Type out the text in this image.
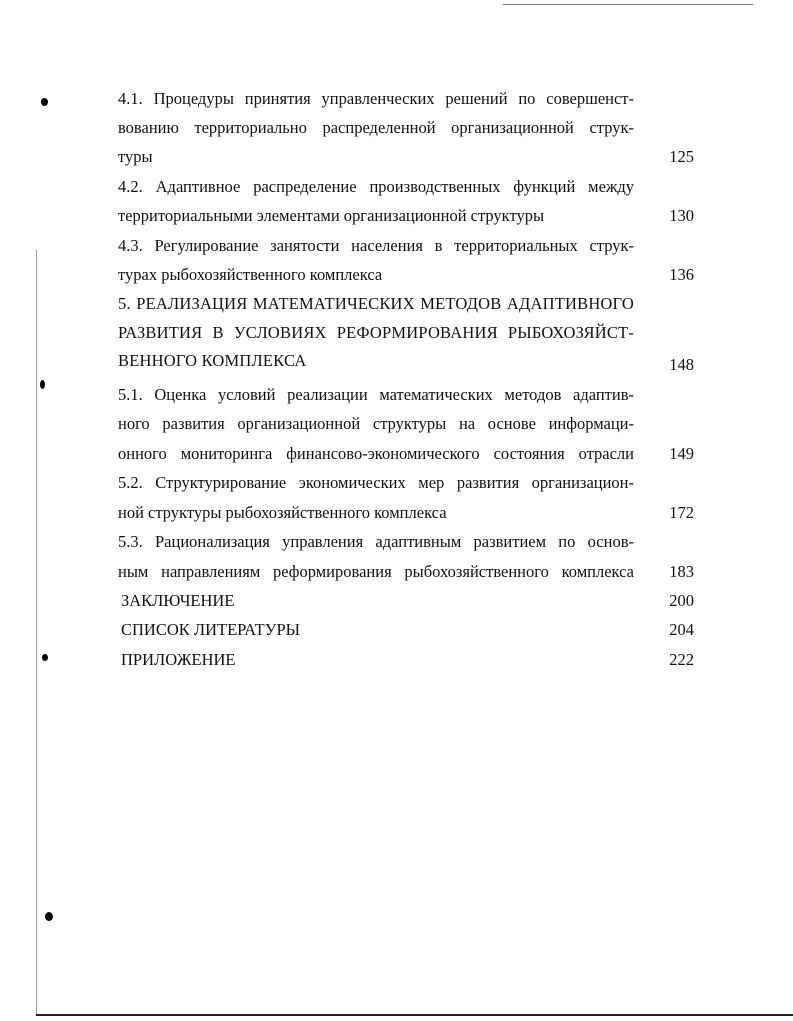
4.1. Процедуры принятия управленческих решений по совершенст-
вованию территориально распределенной организационной струк-
туры	125
4.2. Адаптивное распределение производственных функций между
территориальными элементами организационной структуры	130
4.3. Регулирование занятости населения в территориальных струк-
турах рыбохозяйственного комплекса	136
5. РЕАЛИЗАЦИЯ МАТЕМАТИЧЕСКИХ МЕТОДОВ АДАПТИВНОГО
РАЗВИТИЯ В УСЛОВИЯХ РЕФОРМИРОВАНИЯ РЫБОХОЗЯЙСТ-
ВЕННОГО КОМПЛЕКСА	148
5.1. Оценка условий реализации математических методов адаптив-
ного развития организационной структуры на основе информаци-
онного мониторинга финансово-экономического состояния отрасли	149
5.2. Структурирование экономических мер развития организацион-
ной структуры рыбохозяйственного комплекса	172
5.3. Рационализация управления адаптивным развитием по основ-
ным направлениям реформирования рыбохозяйственного комплекса	183
ЗАКЛЮЧЕНИЕ	200
СПИСОК ЛИТЕРАТУРЫ	204
ПРИЛОЖЕНИЕ	222
